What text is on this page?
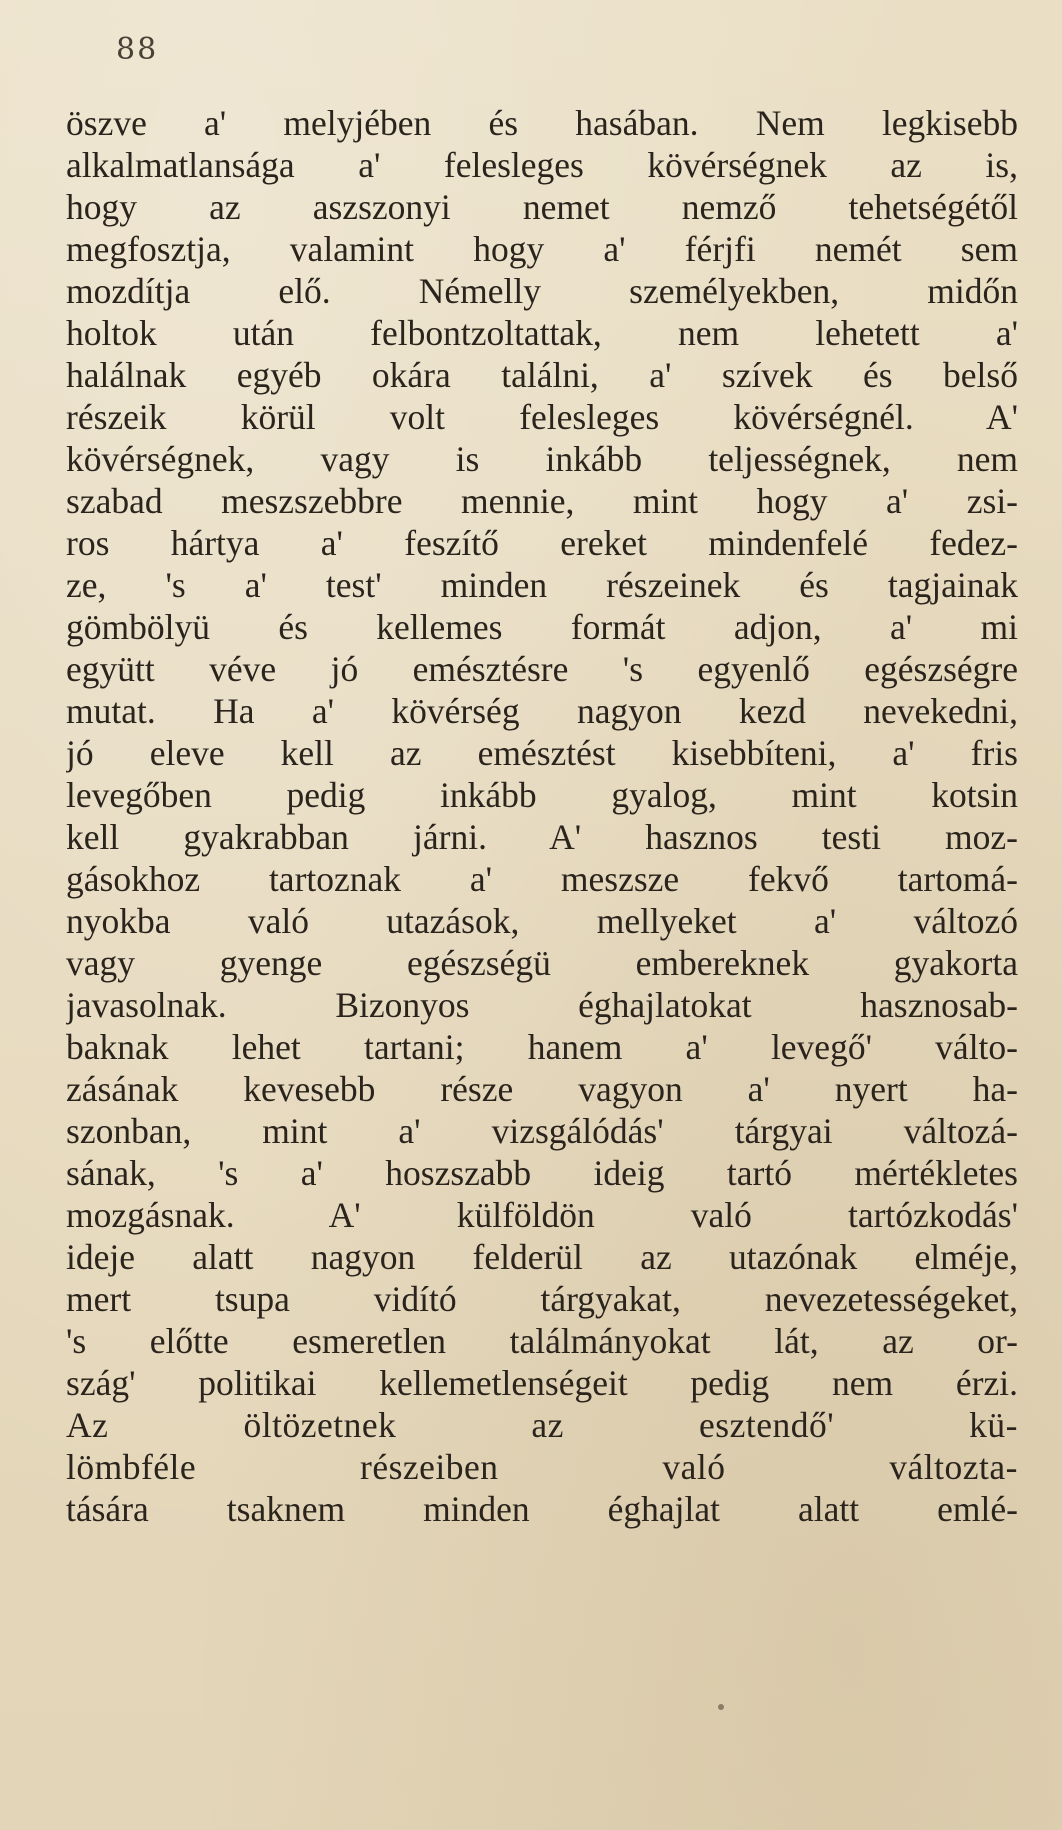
88
öszve a' melyjében és hasában. Nem legkisebb
alkalmatlansága a' felesleges kövérségnek az is,
hogy az aszszonyi nemet nemző tehetségétől
megfosztja, valamint hogy a' férjfi nemét sem
mozdítja elő. Némelly személyekben, midőn
holtok után felbontzoltattak, nem lehetett a'
halálnak egyéb okára találni, a' szívek és belső
részeik körül volt felesleges kövérségnél. A'
kövérségnek, vagy is inkább teljességnek, nem
szabad meszszebbre mennie, mint hogy a' zsi-
ros hártya a' feszítő ereket mindenfelé fedez-
ze, 's a' test' minden részeinek és tagjainak
gömbölyü és kellemes formát adjon, a' mi
együtt véve jó emésztésre 's egyenlő egészségre
mutat. Ha a' kövérség nagyon kezd nevekedni,
jó eleve kell az emésztést kisebbíteni, a' fris
levegőben pedig inkább gyalog, mint kotsin
kell gyakrabban járni. A' hasznos testi moz-
gásokhoz tartoznak a' meszsze fekvő tartomá-
nyokba való utazások, mellyeket a' változó
vagy gyenge egészségü embereknek gyakorta
javasolnak. Bizonyos éghajlatokat hasznosab-
baknak lehet tartani; hanem a' levegő' válto-
zásának kevesebb része vagyon a' nyert ha-
szonban, mint a' vizsgálódás' tárgyai változá-
sának, 's a' hoszszabb ideig tartó mértékletes
mozgásnak. A' külföldön való tartózkodás'
ideje alatt nagyon felderül az utazónak elméje,
mert tsupa vidító tárgyakat, nevezetességeket,
's előtte esmeretlen találmányokat lát, az or-
szág' politikai kellemetlenségeit pedig nem érzi.
Az öltözetnek az esztendő' kü-
lömbféle részeiben való változta-
tására tsaknem minden éghajlat alatt emlé-
